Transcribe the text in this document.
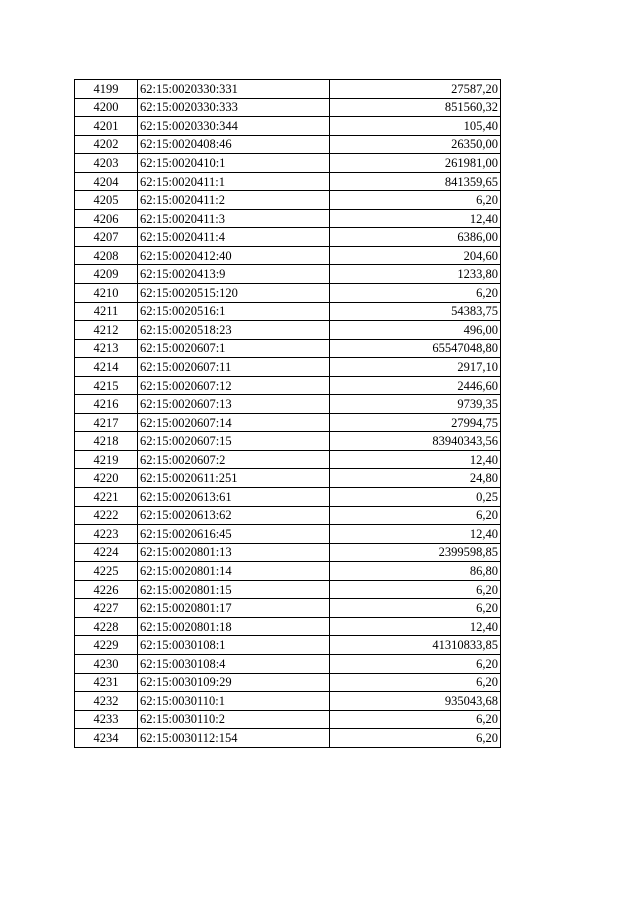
4199	62:15:0020330:331	27587,20
4200	62:15:0020330:333	851560,32
4201	62:15:0020330:344	105,40
4202	62:15:0020408:46	26350,00
4203	62:15:0020410:1	261981,00
4204	62:15:0020411:1	841359,65
4205	62:15:0020411:2	6,20
4206	62:15:0020411:3	12,40
4207	62:15:0020411:4	6386,00
4208	62:15:0020412:40	204,60
4209	62:15:0020413:9	1233,80
4210	62:15:0020515:120	6,20
4211	62:15:0020516:1	54383,75
4212	62:15:0020518:23	496,00
4213	62:15:0020607:1	65547048,80
4214	62:15:0020607:11	2917,10
4215	62:15:0020607:12	2446,60
4216	62:15:0020607:13	9739,35
4217	62:15:0020607:14	27994,75
4218	62:15:0020607:15	83940343,56
4219	62:15:0020607:2	12,40
4220	62:15:0020611:251	24,80
4221	62:15:0020613:61	0,25
4222	62:15:0020613:62	6,20
4223	62:15:0020616:45	12,40
4224	62:15:0020801:13	2399598,85
4225	62:15:0020801:14	86,80
4226	62:15:0020801:15	6,20
4227	62:15:0020801:17	6,20
4228	62:15:0020801:18	12,40
4229	62:15:0030108:1	41310833,85
4230	62:15:0030108:4	6,20
4231	62:15:0030109:29	6,20
4232	62:15:0030110:1	935043,68
4233	62:15:0030110:2	6,20
4234	62:15:0030112:154	6,20
